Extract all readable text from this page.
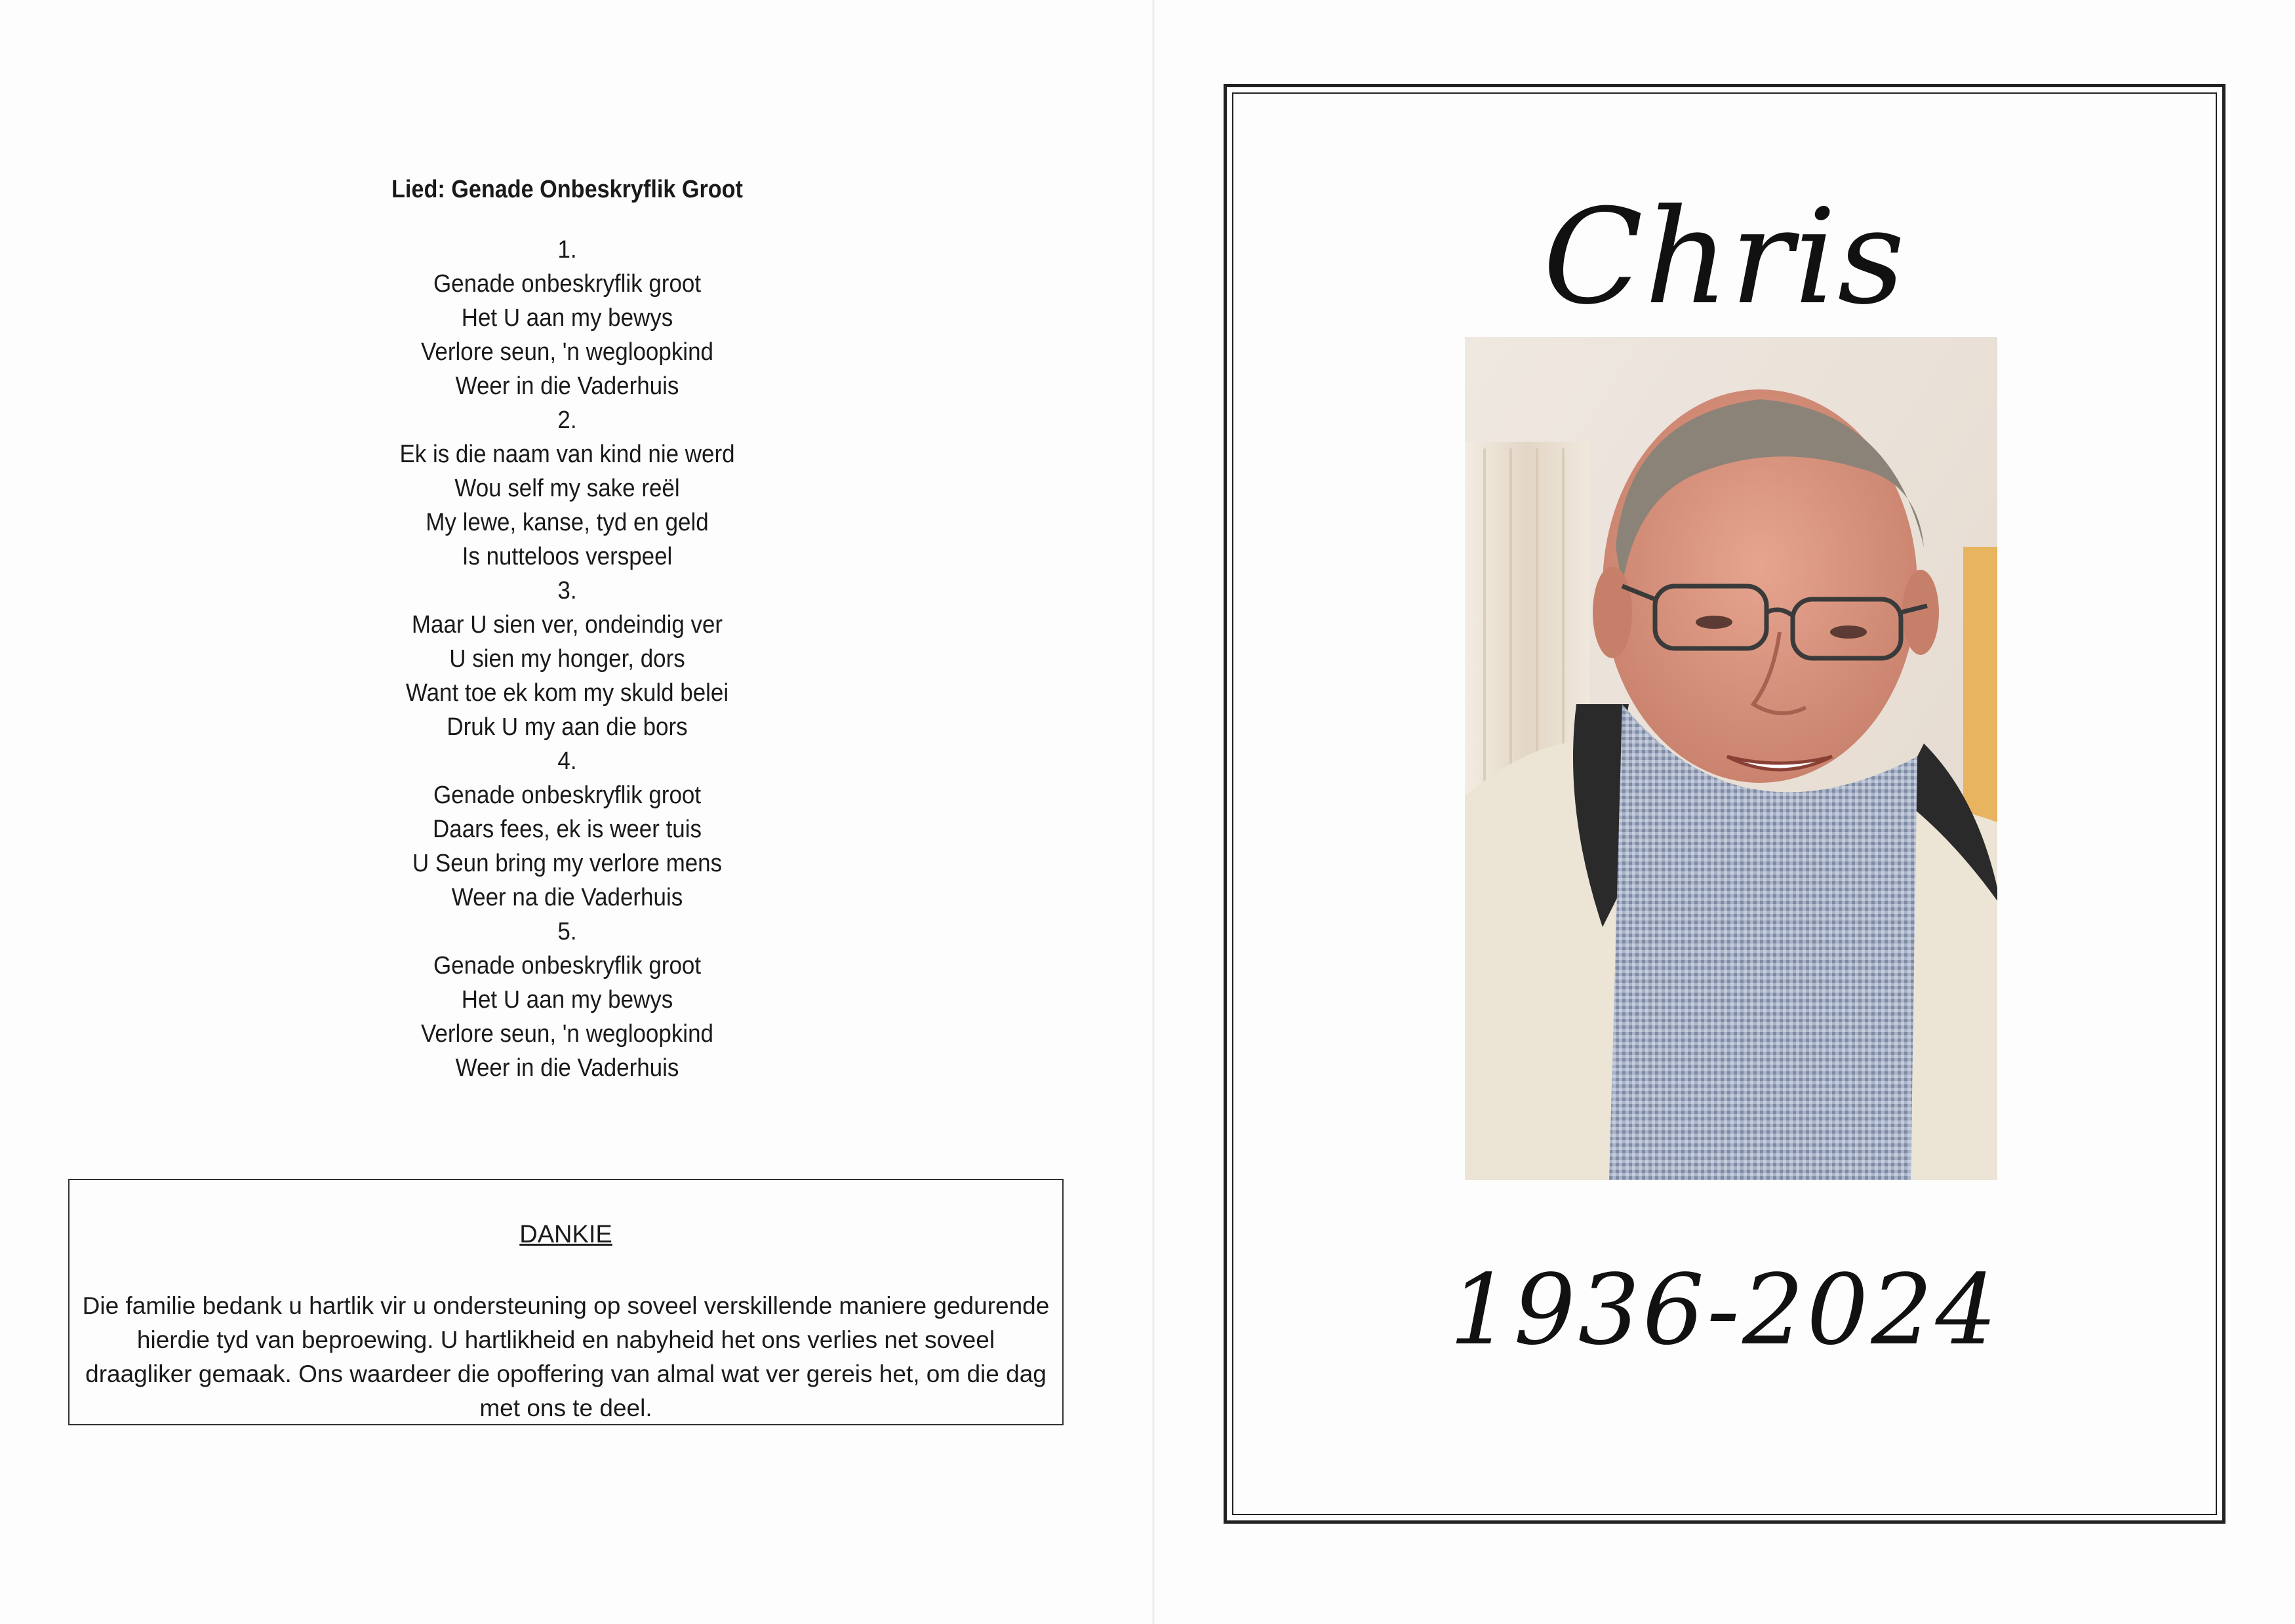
Lied: Genade Onbeskryflik Groot
1.
Genade onbeskryflik groot
Het U aan my bewys
Verlore seun, 'n wegloopkind
Weer in die Vaderhuis
2.
Ek is die naam van kind nie werd
Wou self my sake reël
My lewe, kanse, tyd en geld
Is nutteloos verspeel
3.
Maar U sien ver, ondeindig ver
U sien my honger, dors
Want toe ek kom my skuld belei
Druk U my aan die bors
4.
Genade onbeskryflik groot
Daars fees, ek is weer tuis
U Seun bring my verlore mens
Weer na die Vaderhuis
5.
Genade onbeskryflik groot
Het U aan my bewys
Verlore seun, 'n wegloopkind
Weer in die Vaderhuis
DANKIE

Die familie bedank u hartlik vir u ondersteuning op soveel verskillende maniere gedurende hierdie tyd van beproewing. U hartlikheid en nabyheid het ons verlies net soveel draagliker gemaak. Ons waardeer die opoffering van almal wat ver gereis het, om die dag met ons te deel.

Chris
1936-2024
